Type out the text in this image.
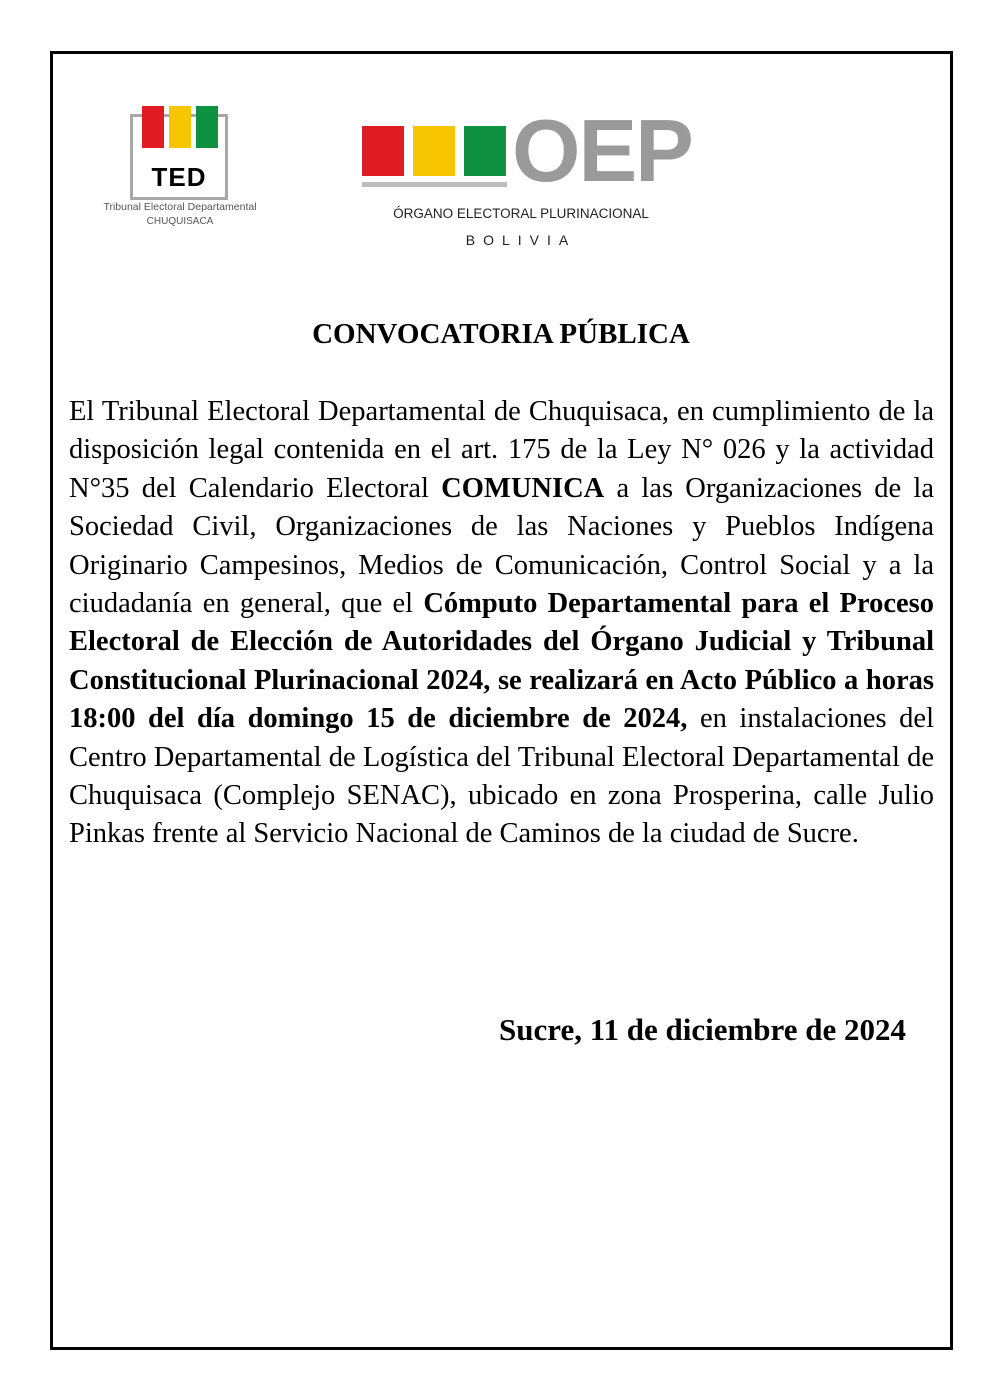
TED
Tribunal Electoral Departamental
CHUQUISACA
OEP
ÓRGANO ELECTORAL PLURINACIONAL
BOLIVIA
CONVOCATORIA PÚBLICA
El Tribunal Electoral Departamental de Chuquisaca, en cumplimiento de la disposición legal contenida en el art. 175 de la Ley N° 026 y la actividad N°35 del Calendario Electoral COMUNICA a las Organizaciones de la Sociedad Civil, Organizaciones de las Naciones y Pueblos Indígena Originario Campesinos, Medios de Comunicación, Control Social y a la ciudadanía en general, que el Cómputo Departamental para el Proceso Electoral de Elección de Autoridades del Órgano Judicial y Tribunal Constitucional Plurinacional 2024, se realizará en Acto Público a horas 18:00 del día domingo 15 de diciembre de 2024, en instalaciones del Centro Departamental de Logística del Tribunal Electoral Departamental de Chuquisaca (Complejo SENAC), ubicado en zona Prosperina, calle Julio Pinkas frente al Servicio Nacional de Caminos de la ciudad de Sucre.
Sucre, 11 de diciembre de 2024
